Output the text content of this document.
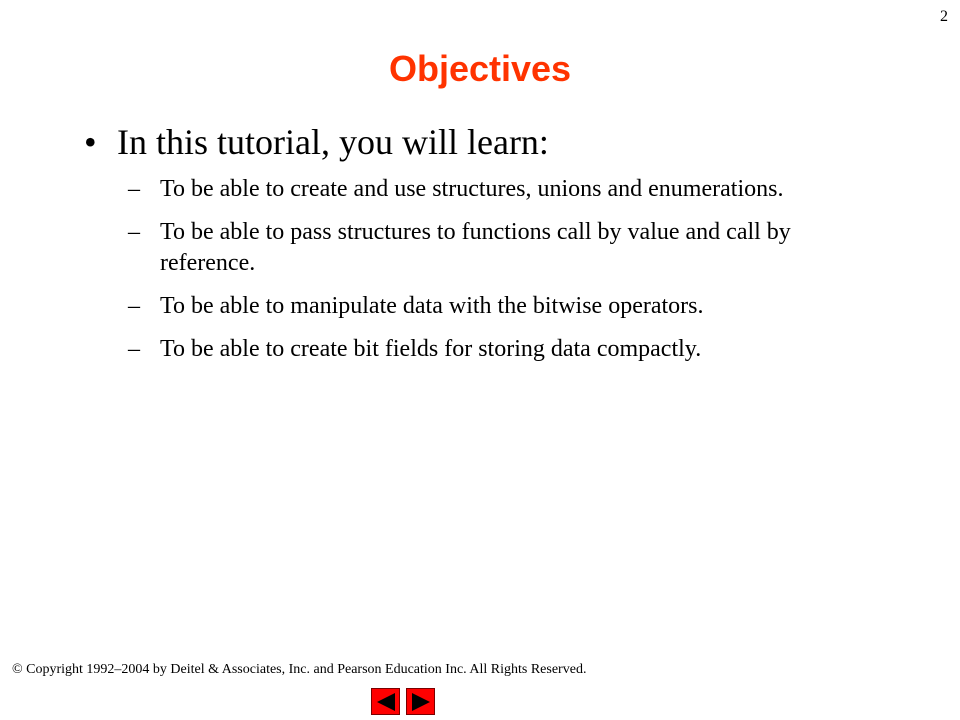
2
Objectives
• In this tutorial, you will learn:
– To be able to create and use structures, unions and enumerations.
– To be able to pass structures to functions call by value and call by reference.
– To be able to manipulate data with the bitwise operators.
– To be able to create bit fields for storing data compactly.
© Copyright 1992–2004 by Deitel & Associates, Inc. and Pearson Education Inc. All Rights Reserved.
